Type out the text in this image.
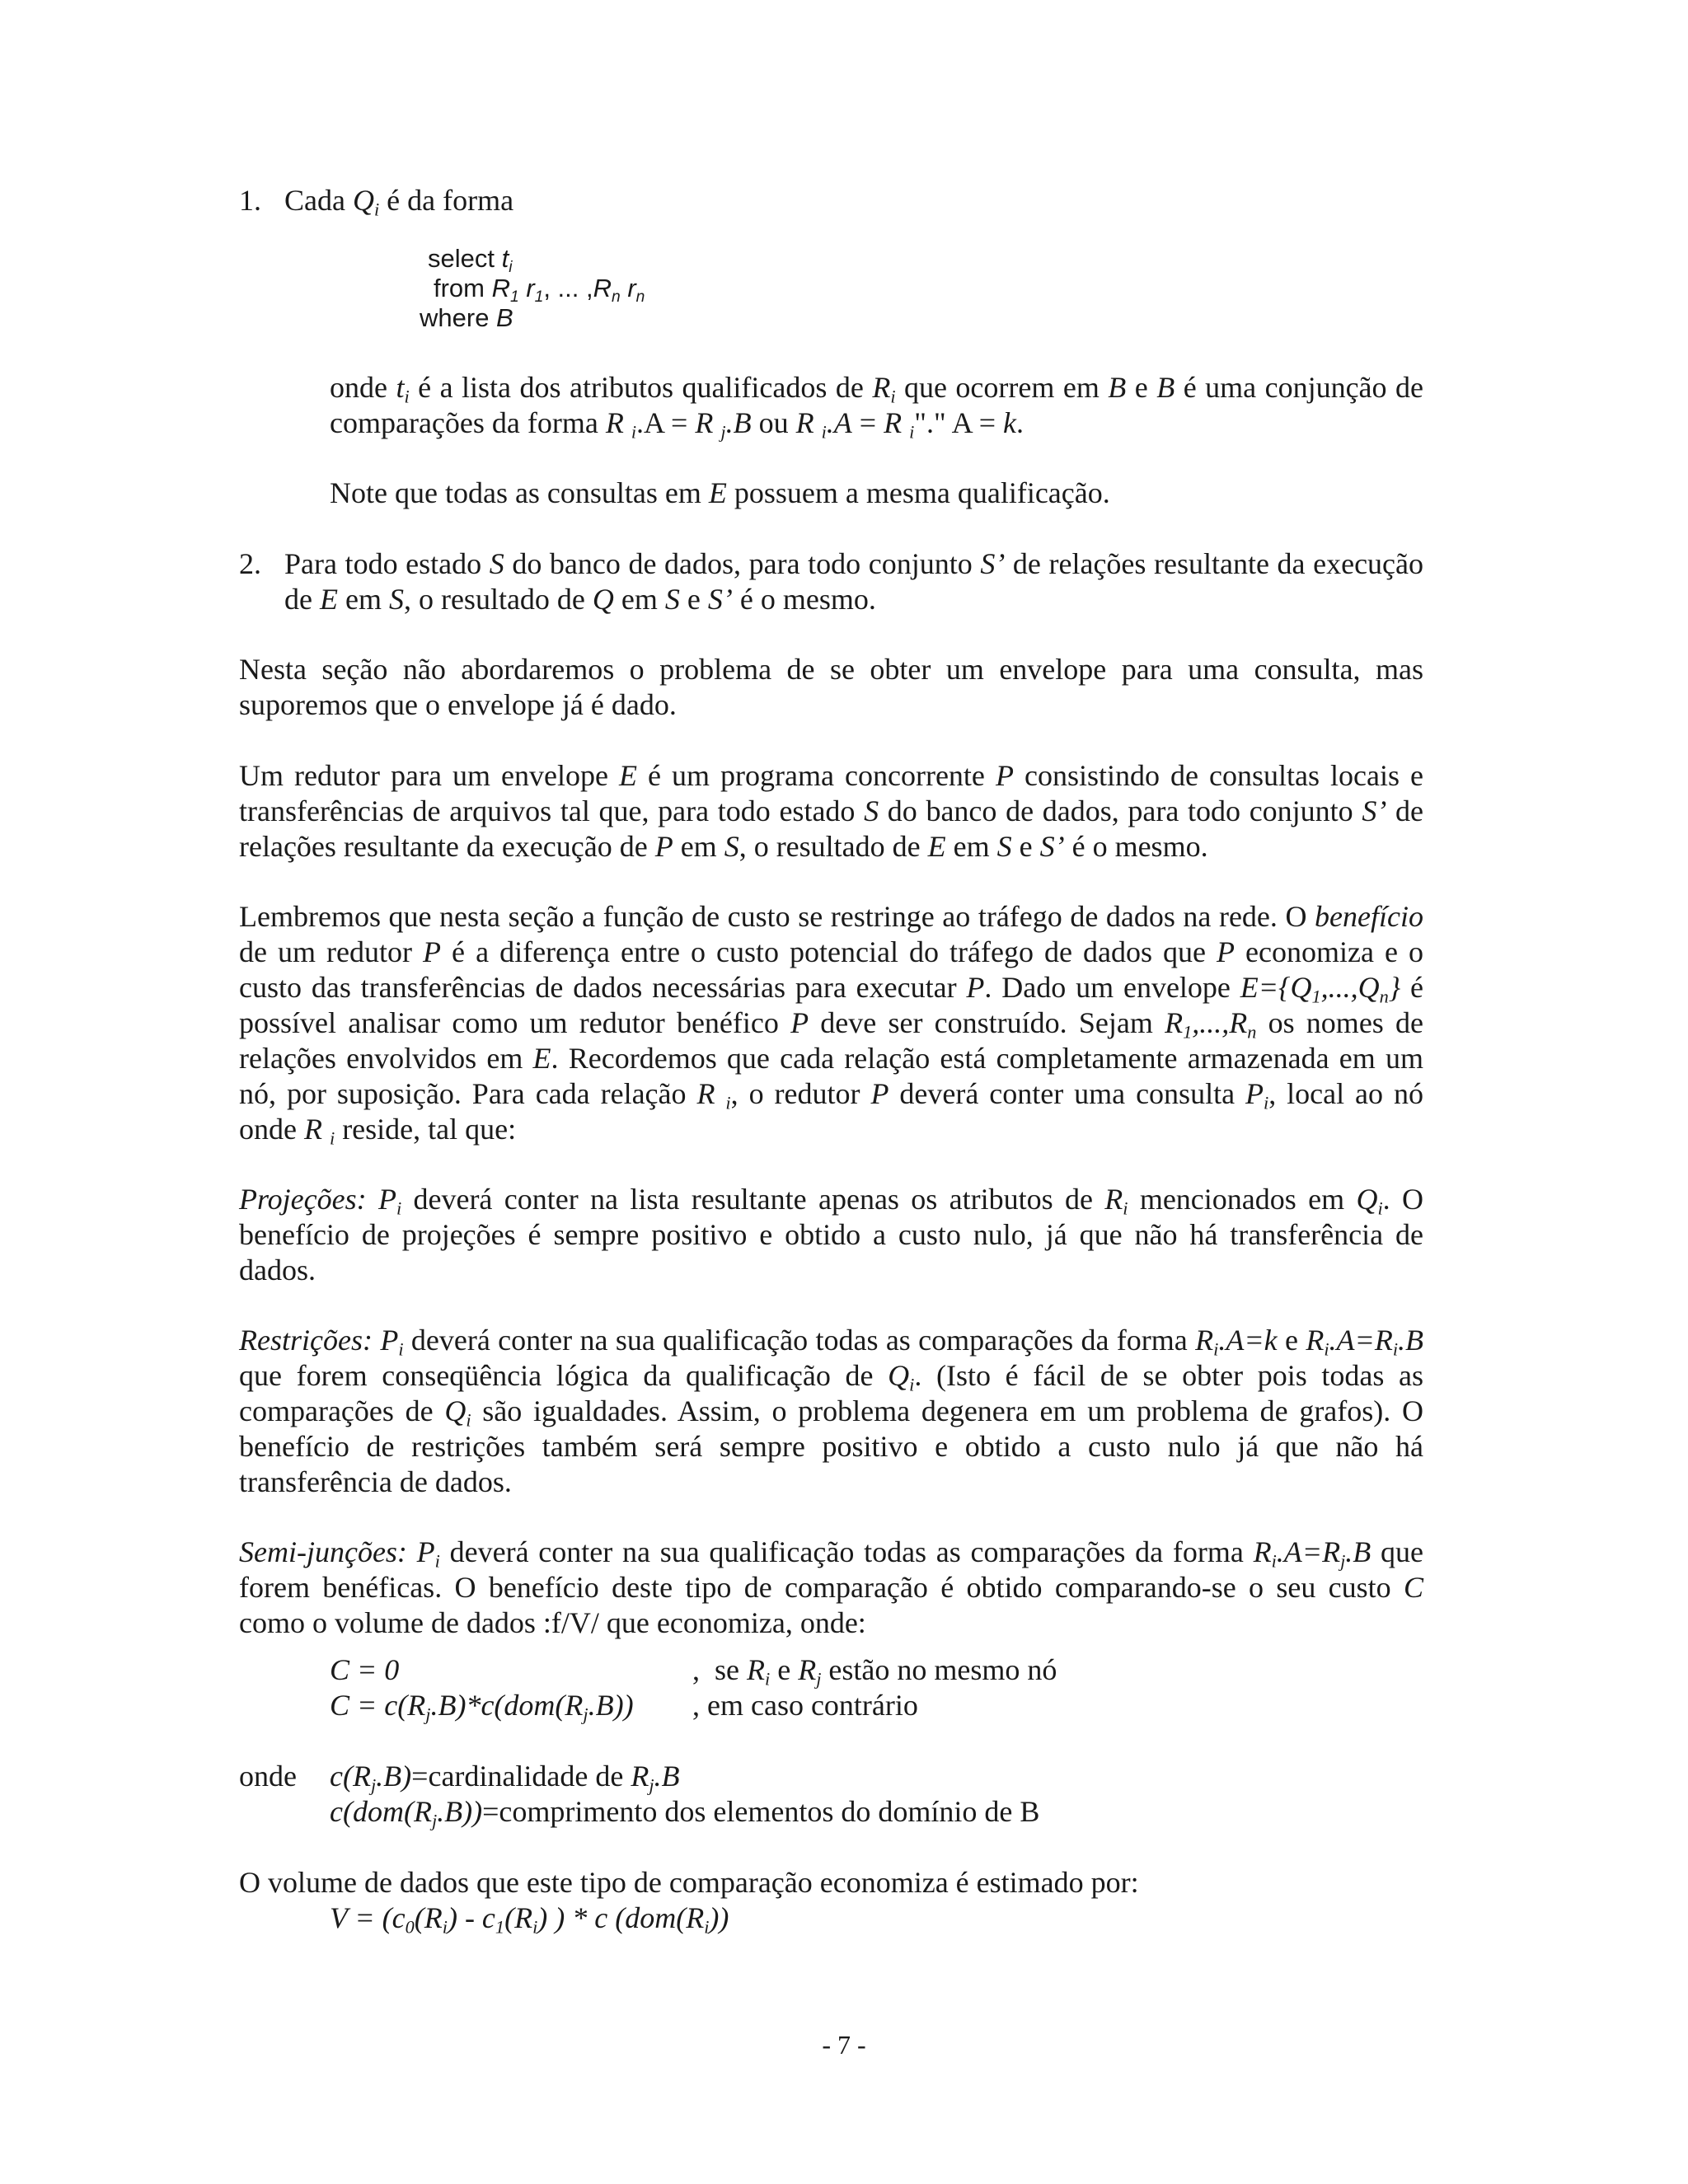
1. Cada $Q_i$ é da forma

select $t_i$
from $R_1$ $r_1$, ... $,R_n$ $r_n$
where B

onde $t_i$ é a lista dos atributos qualificados de $R_i$ que ocorrem em B e B é uma conjunção de comparações da forma R $_i$.A = R $_j$.B ou R $_i$.A = R $_i$"." A = k.

Note que todas as consultas em E possuem a mesma qualificação.

2. Para todo estado S do banco de dados, para todo conjunto S’ de relações resultante da execução de E em S, o resultado de Q em S e S’ é o mesmo.

Nesta seção não abordaremos o problema de se obter um envelope para uma consulta, mas suporemos que o envelope já é dado.

Um redutor para um envelope E é um programa concorrente P consistindo de consultas locais e transferências de arquivos tal que, para todo estado S do banco de dados, para todo conjunto S’ de relações resultante da execução de P em S, o resultado de E em S e S’ é o mesmo.

Lembremos que nesta seção a função de custo se restringe ao tráfego de dados na rede. O benefício de um redutor P é a diferença entre o custo potencial do tráfego de dados que P economiza e o custo das transferências de dados necessárias para executar P. Dado um envelope $E=\{Q_1,...,Q_n\}$ é possível analisar como um redutor benéfico P deve ser construído. Sejam $R_1,...,R_n$ os nomes de relações envolvidos em E. Recordemos que cada relação está completamente armazenada em um nó, por suposição. Para cada relação R $_i$, o redutor P deverá conter uma consulta $P_i$, local ao nó onde R $_i$ reside, tal que:

Projeções: $P_i$ deverá conter na lista resultante apenas os atributos de $R_i$ mencionados em $Q_i$. O benefício de projeções é sempre positivo e obtido a custo nulo, já que não há transferência de dados.

Restrições: $P_i$ deverá conter na sua qualificação todas as comparações da forma $R_i.A=k$ e $R_i.A=R_i.B$ que forem conseqüência lógica da qualificação de $Q_i$. (Isto é fácil de se obter pois todas as comparações de $Q_i$ são igualdades. Assim, o problema degenera em um problema de grafos). O benefício de restrições também será sempre positivo e obtido a custo nulo já que não há transferência de dados.

Semi-junções: $P_i$ deverá conter na sua qualificação todas as comparações da forma $R_i.A=R_j.B$ que forem benéficas. O benefício deste tipo de comparação é obtido comparando-se o seu custo C como o volume de dados :f/V/ que economiza, onde:

C = 0	,  se $R_i$ e $R_j$ estão no mesmo nó
$C = c(R_j.B)*c(dom(R_j.B))$ , em caso contrário
onde $c(R_j.B)=cardinalidade$ de $R_j.B$
$c(dom(R_j.B))=comprimento$ dos elementos do domínio de B
O volume de dados que este tipo de comparação economiza é estimado por:
$V = (c_0(R_i) - c_1(R_i)$ ) * c $(dom(R_i))$
- 7 -
